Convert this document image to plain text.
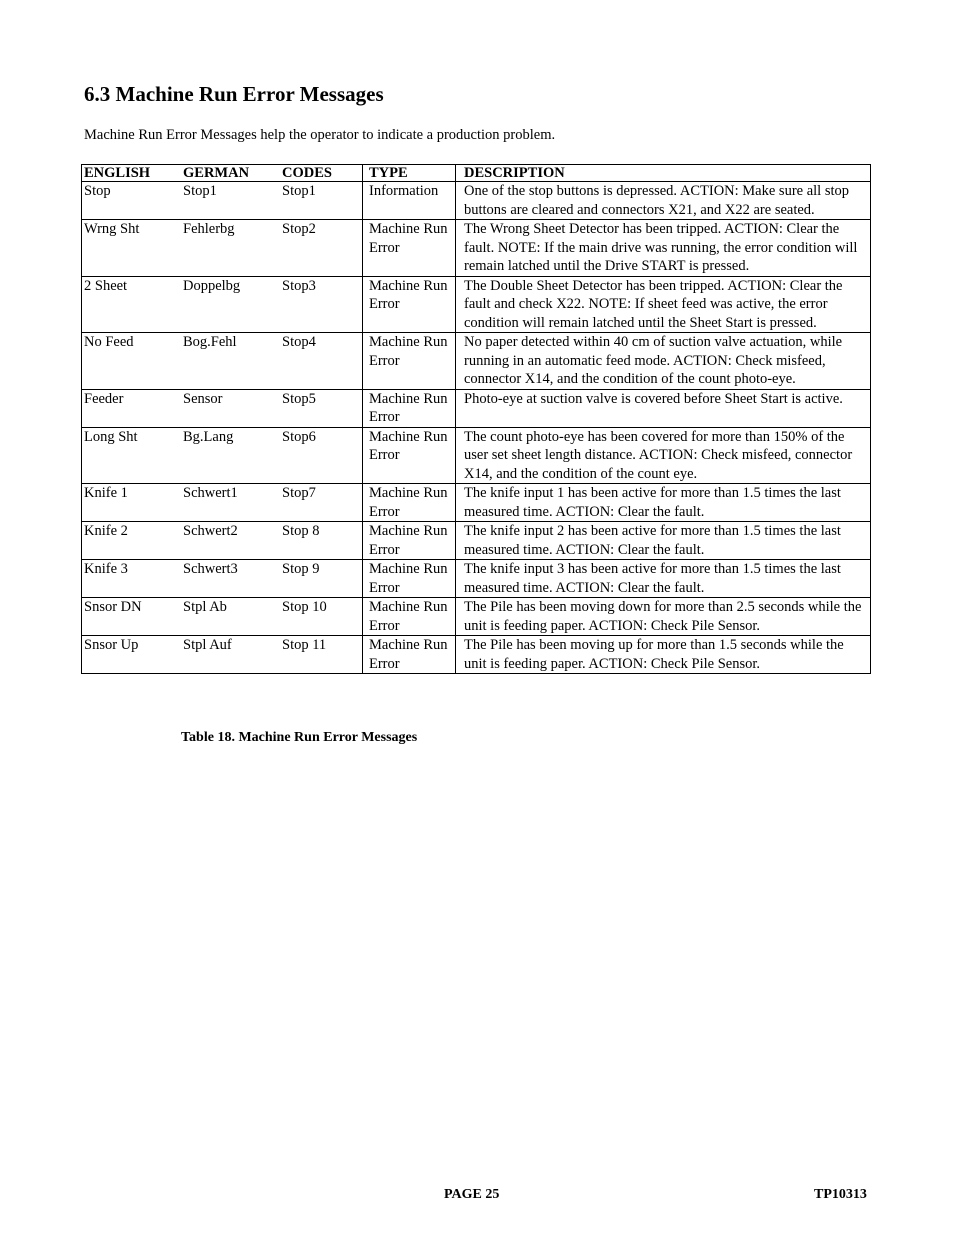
6.3 Machine Run Error Messages

Machine Run Error Messages help the operator to indicate a production problem.

ENGLISH	GERMAN	CODES	TYPE	DESCRIPTION
Stop	Stop1	Stop1	Information	One of the stop buttons is depressed. ACTION: Make sure all stop buttons are cleared and connectors X21, and X22 are seated.
Wrng Sht	Fehlerbg	Stop2	Machine Run Error	The Wrong Sheet Detector has been tripped. ACTION: Clear the fault. NOTE: If the main drive was running, the error condition will remain latched until the Drive START is pressed.
2 Sheet	Doppelbg	Stop3	Machine Run Error	The Double Sheet Detector has been tripped. ACTION: Clear the fault and check X22. NOTE: If sheet feed was active, the error condition will remain latched until the Sheet Start is pressed.
No Feed	Bog.Fehl	Stop4	Machine Run Error	No paper detected within 40 cm of suction valve actuation, while running in an automatic feed mode. ACTION: Check misfeed, connector X14, and the condition of the count photo-eye.
Feeder	Sensor	Stop5	Machine Run Error	Photo-eye at suction valve is covered before Sheet Start is active.
Long Sht	Bg.Lang	Stop6	Machine Run Error	The count photo-eye has been covered for more than 150% of the user set sheet length distance. ACTION: Check misfeed, connector X14, and the condition of the count eye.
Knife 1	Schwert1	Stop7	Machine Run Error	The knife input 1 has been active for more than 1.5 times the last measured time. ACTION: Clear the fault.
Knife 2	Schwert2	Stop 8	Machine Run Error	The knife input 2 has been active for more than 1.5 times the last measured time. ACTION: Clear the fault.
Knife 3	Schwert3	Stop 9	Machine Run Error	The knife input 3 has been active for more than 1.5 times the last measured time. ACTION: Clear the fault.
Snsor DN	Stpl Ab	Stop 10	Machine Run Error	The Pile has been moving down for more than 2.5 seconds while the unit is feeding paper. ACTION: Check Pile Sensor.
Snsor Up	Stpl Auf	Stop 11	Machine Run Error	The Pile has been moving up for more than 1.5 seconds while the unit is feeding paper. ACTION: Check Pile Sensor.
Table 18. Machine Run Error Messages
PAGE 25	TP10313
